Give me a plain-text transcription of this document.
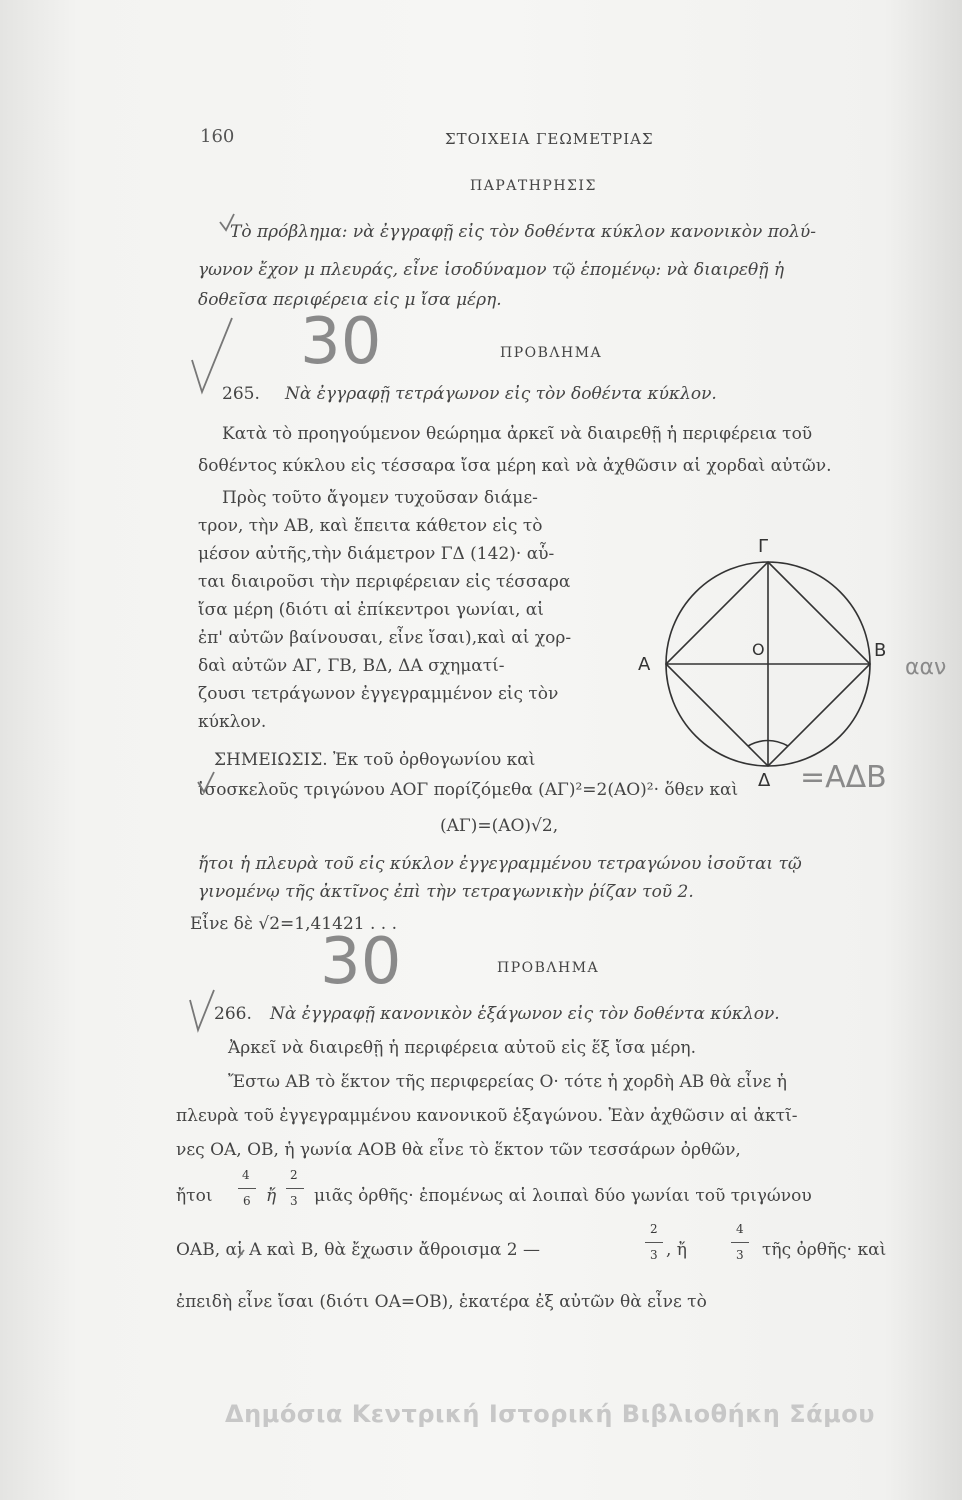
160	ΣΤΟΙΧΕΙΑ ΓΕΩΜΕΤΡΙΑΣ
ΠΑΡΑΤΗΡΗΣΙΣ
Τὸ πρόβλημα: νὰ ἐγγραφῇ εἰς τὸν δοθέντα κύκλον κανονικὸν πολύ-
γωνον ἔχον μ πλευράς, εἶνε ἰσοδύναμον τῷ ἑπομένῳ: νὰ διαιρεθῇ ἡ
δοθεῖσα περιφέρεια εἰς μ ἴσα μέρη.
30
30
=ΑΔΒ
ααν
ΠΡΟΒΛΗΜΑ
265. Νὰ ἐγγραφῇ τετράγωνον εἰς τὸν δοθέντα κύκλον.
Κατὰ τὸ προηγούμενον θεώρημα ἀρκεῖ νὰ διαιρεθῇ ἡ περιφέρεια τοῦ
δοθέντος κύκλου εἰς τέσσαρα ἴσα μέρη καὶ νὰ ἀχθῶσιν αἱ χορδαὶ αὐτῶν.
Πρὸς τοῦτο ἄγομεν τυχοῦσαν διάμε-
τρον, τὴν ΑΒ, καὶ ἔπειτα κάθετον εἰς τὸ
μέσον αὐτῆς,τὴν διάμετρον ΓΔ (142)· αὗ-
ται διαιροῦσι τὴν περιφέρειαν εἰς τέσσαρα
ἴσα μέρη (διότι αἱ ἐπίκεντροι γωνίαι, αἱ
ἐπ' αὐτῶν βαίνουσαι, εἶνε ἴσαι),καὶ αἱ χορ-
δαὶ αὐτῶν ΑΓ, ΓΒ, ΒΔ, ΔΑ σχηματί-
ζουσι τετράγωνον ἐγγεγραμμένον εἰς τὸν
κύκλον.
ΣΗΜΕΙΩΣΙΣ. Ἐκ τοῦ ὀρθογωνίου καὶ
ἰσοσκελοῦς τριγώνου ΑΟΓ πορίζόμεθα (ΑΓ)²=2(ΑΟ)²· ὅθεν καὶ
(ΑΓ)=(ΑΟ)√2,
ἤτοι ἡ πλευρὰ τοῦ εἰς κύκλον ἐγγεγραμμένου τετραγώνου ἰσοῦται τῷ
γινομένῳ τῆς ἀκτῖνος ἐπὶ τὴν τετραγωνικὴν ῥίζαν τοῦ 2.
Εἶνε δὲ √2=1,41421 . . .
ΠΡΟΒΛΗΜΑ
266. Νὰ ἐγγραφῇ κανονικὸν ἑξάγωνον εἰς τὸν δοθέντα κύκλον.
Ἀρκεῖ νὰ διαιρεθῇ ἡ περιφέρεια αὐτοῦ εἰς ἕξ ἴσα μέρη.
Ἔστω ΑΒ τὸ ἕκτον τῆς περιφερείας Ο· τότε ἡ χορδὴ ΑΒ θὰ εἶνε ἡ
πλευρὰ τοῦ ἐγγεγραμμένου κανονικοῦ ἑξαγώνου. Ἐὰν ἀχθῶσιν αἱ ἀκτῖ-
νες ΟΑ, ΟΒ, ἡ γωνία ΑΟΒ θὰ εἶνε τὸ ἕκτον τῶν τεσσάρων ὀρθῶν,
ἤτοι
4
6 ἤ
2
3 μιᾶς ὀρθῆς· ἑπομένως αἱ λοιπαὶ δύο γωνίαι τοῦ τριγώνου
ΟΑΒ, αἱ Α καὶ Β, θὰ ἔχωσιν ἄθροισμα 2 —
2
3 , ἤ
4
3 τῆς ὀρθῆς· καὶ
ἐπειδὴ εἶνε ἴσαι (διότι ΟΑ=ΟΒ), ἑκατέρα ἐξ αὐτῶν θὰ εἶνε τὸ
Δημόσια Κεντρική Ιστορική Βιβλιοθήκη Σάμου
Γ
Δ
Α
Β
Ο
